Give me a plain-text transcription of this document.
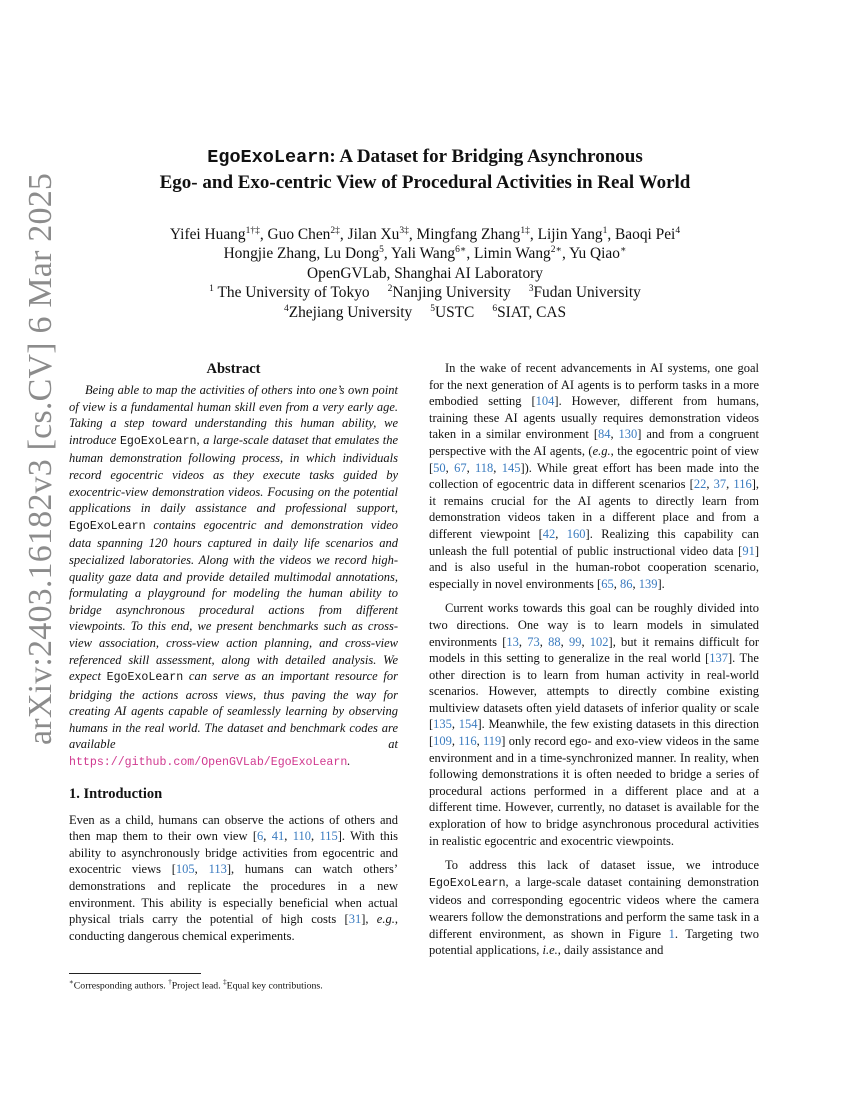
arXiv:2403.16182v3 [cs.CV] 6 Mar 2025
EgoExoLearn: A Dataset for Bridging Asynchronous
Ego- and Exo-centric View of Procedural Activities in Real World
Yifei Huang$^{1\dagger\ddagger}$, Guo Chen$^{2\ddagger}$, Jilan $Xu^{3\ddagger}$, Mingfang Zhang$^{1\ddagger}$, Lijin Yang$^1$, Baoqi Pei$^4$
Hongjie Zhang, Lu Dong$^5$, Yali Wang$^{6∗}$, Limin Wang$^{2∗}$, Yu Qiao∗
OpenGVLab, Shanghai AI Laboratory
$^1$ The University of Tokyo $^2$Nanjing University $^3$Fudan University
$^4$Zhejiang University $^5$USTC $^6$SIAT, CAS
Abstract

Being able to map the activities of others into one’s own point of view is a fundamental human skill even from a very early age. Taking a step toward understanding this human ability, we introduce EgoExoLearn, a large-scale dataset that emulates the human demonstration following process, in which individuals record egocentric videos as they execute tasks guided by exocentric-view demonstration videos. Focusing on the potential applications in daily assistance and professional support, EgoExoLearn contains egocentric and demonstration video data spanning 120 hours captured in daily life scenarios and specialized laboratories. Along with the videos we record high-quality gaze data and provide detailed multimodal annotations, formulating a playground for modeling the human ability to bridge asynchronous procedural actions from different viewpoints. To this end, we present benchmarks such as cross-view association, cross-view action planning, and cross-view referenced skill assessment, along with detailed analysis. We expect EgoExoLearn can serve as an important resource for bridging the actions across views, thus paving the way for creating AI agents capable of seamlessly learning by observing humans in the real world. The dataset and benchmark codes are available at https://github.com/OpenGVLab/EgoExoLearn.

1. Introduction

Even as a child, humans can observe the actions of others and then map them to their own view [6, 41, 110, 115]. With this ability to asynchronously bridge activities from egocentric and exocentric views [105, 113], humans can watch others’ demonstrations and replicate the procedures in a new environment. This ability is especially beneficial when actual physical trials carry the potential of high costs [31], e.g., conducting dangerous chemical experiments.

In the wake of recent advancements in AI systems, one goal for the next generation of AI agents is to perform tasks in a more embodied setting [104]. However, different from humans, training these AI agents usually requires demonstration videos taken in a similar environment [84, 130] and from a congruent perspective with the AI agents, (e.g., the egocentric point of view [50, 67, 118, 145]). While great effort has been made into the collection of egocentric data in different scenarios [22, 37, 116], it remains crucial for the AI agents to directly learn from demonstration videos taken in a different place and from a different viewpoint [42, 160]. Realizing this capability can unleash the full potential of public instructional video data [91] and is also useful in the human-robot cooperation scenario, especially in novel environments [65, 86, 139].

Current works towards this goal can be roughly divided into two directions. One way is to learn models in simulated environments [13, 73, 88, 99, 102], but it remains difficult for models in this setting to generalize in the real world [137]. The other direction is to learn from human activity in real-world scenarios. However, attempts to directly combine existing multiview datasets often yield datasets of inferior quality or scale [135, 154]. Meanwhile, the few existing datasets in this direction [109, 116, 119] only record ego- and exo-view videos in the same environment and in a time-synchronized manner. In reality, when following demonstrations it is often needed to bridge a series of procedural actions performed in a different place and at a different time. However, currently, no dataset is available for the exploration of how to bridge asynchronous procedural activities in realistic egocentric and exocentric viewpoints.

To address this lack of dataset issue, we introduce EgoExoLearn, a large-scale dataset containing demonstration videos and corresponding egocentric videos where the camera wearers follow the demonstrations and perform the same task in a different environment, as shown in Figure 1. Targeting two potential applications, i.e., daily assistance and

∗Corresponding authors. †Project lead. ‡Equal key contributions.
